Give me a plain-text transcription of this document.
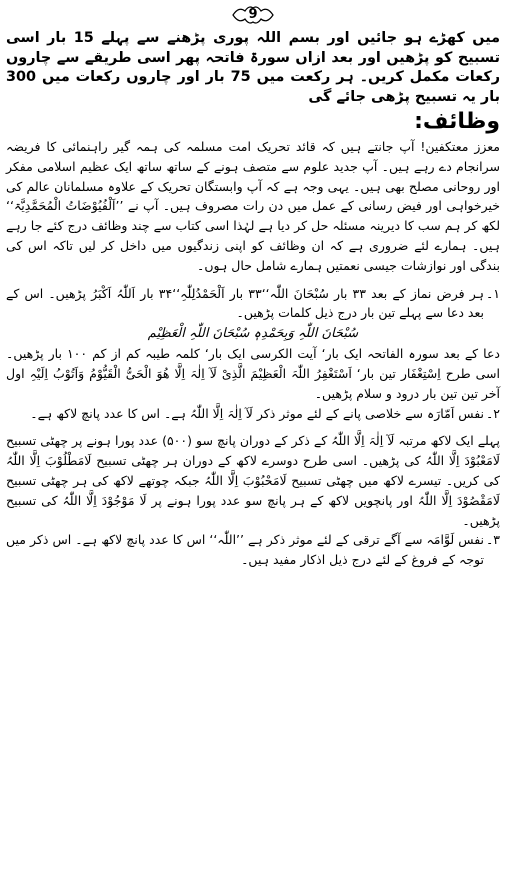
9

میں کھڑے ہو جائیں اور بسم اللہ پوری پڑھنے سے پہلے 15 بار اسی تسبیح کو پڑھیں اور بعد ازاں سورۃ فاتحہ پھر اسی طریقے سے چاروں رکعات مکمل کریں۔ ہر رکعت میں 75 بار اور چاروں رکعات میں 300 بار یہ تسبیح پڑھی جائے گی

وظائف:

معزز معتکفین! آپ جانتے ہیں کہ قائد تحریک امت مسلمہ کی ہمہ گیر راہنمائی کا فریضہ سرانجام دے رہے ہیں۔ آپ جدید علوم سے متصف ہونے کے ساتھ ساتھ ایک عظیم اسلامی مفکر اور روحانی مصلح بھی ہیں۔ یہی وجہ ہے کہ آپ وابستگان تحریک کے علاوہ مسلمانان عالم کی خیرخواہی اور فیض رسانی کے عمل میں دن رات مصروف ہیں۔ آپ نے ’’اَلْفُیُوْضَاتُ الْمُحَمَّدِیَّۃ‘‘ لکھ کر ہم سب کا دیرینہ مسئلہ حل کر دیا ہے لہٰذا اسی کتاب سے چند وظائف درج کئے جا رہے ہیں۔ ہمارے لئے ضروری ہے کہ ان وظائف کو اپنی زندگیوں میں داخل کر لیں تاکہ اس کی بندگی اور نوازشات جیسی نعمتیں ہمارے شامل حال ہوں۔

۱۔
ہر فرض نماز کے بعد ۳۳ بار سُبْحَانَ اللّٰہ‘‘۳۳ بار اَلْحَمْدُلِلّٰہِ‘‘۳۴ بار اَللّٰہُ اَکْبَرُ پڑھیں۔ اس کے بعد دعا سے پہلے تین بار درج ذیل کلمات پڑھیں۔

سُبْحَانَ اللّٰہِ وَبِحَمْدِہٖ سُبْحَانَ اللّٰہِ الْعَظِیْم

دعا کے بعد سورہ الفاتحہ ایک بار‘ آیت الکرسی ایک بار‘ کلمہ طیبہ کم از کم ۱۰۰ بار پڑھیں۔ اسی طرح اِسْتِغْفَار تین بار‘ اَسْتَغْفِرُ اللّٰہَ الْعَظِیْمَ الَّذِیْ لَآ اِلٰہَ اِلَّا ھُوَ الْحَیُّ الْقَیُّوْمُ وَاَتُوْبُ اِلَیْہِ اول آخر تین تین بار درود و سلام پڑھیں۔

۲۔
نفس اَمّارَہ سے خلاصی پانے کے لئے موثر ذکر لَآ اِلٰہَ اِلَّا اللّٰہُ ہے۔ اس کا عدد پانچ لاکھ ہے۔

پہلے ایک لاکھ مرتبہ لَآ اِلٰہَ اِلَّا اللّٰہُ کے ذکر کے دوران پانچ سو (۵۰۰) عدد پورا ہونے پر چھٹی تسبیح لَامَعْبُوْدَ اِلَّا اللّٰہُ کی پڑھیں۔ اسی طرح دوسرے لاکھ کے دوران ہر چھٹی تسبیح لَامَطْلُوْبَ اِلَّا اللّٰہُ کی کریں۔ تیسرے لاکھ میں چھٹی تسبیح لَامَحْبُوْبَ اِلَّا اللّٰہُ جبکہ چوتھے لاکھ کی ہر چھٹی تسبیح لَامَقْصُوْدَ اِلَّا اللّٰہُ اور پانچویں لاکھ کے ہر پانچ سو عدد پورا ہونے پر لَا مَوْجُوْدَ اِلَّا اللّٰہُ کی تسبیح پڑھیں۔

۳۔
نفس لَوَّامَہ سے آگے ترقی کے لئے موثر ذکر ہے ’’اللّٰہ‘‘ اس کا عدد پانچ لاکھ ہے۔ اس ذکر میں توجہ کے فروغ کے لئے درج ذیل اذکار مفید ہیں۔
